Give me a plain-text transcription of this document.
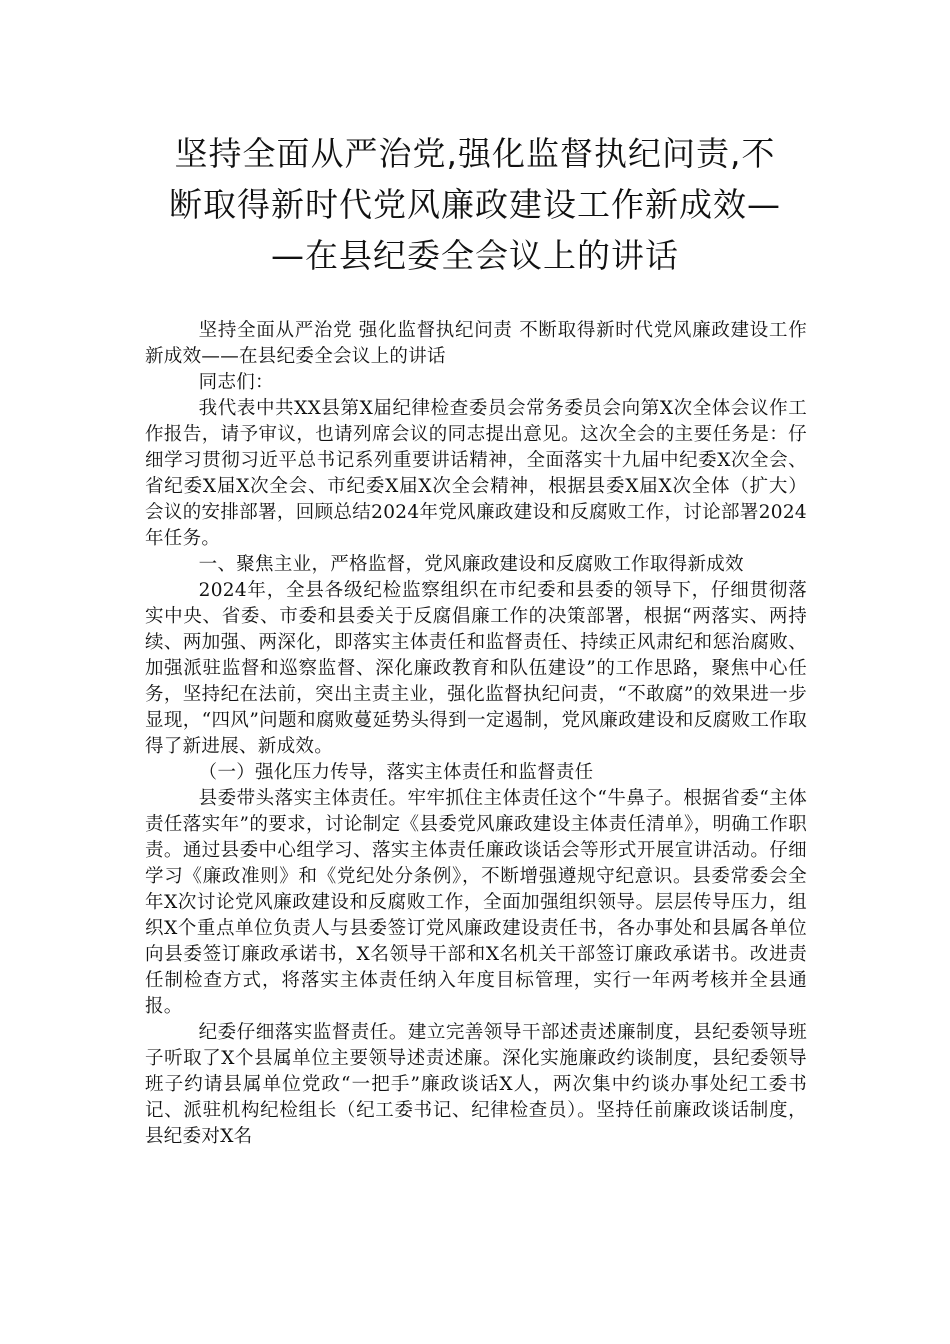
坚持全面从严治党,强化监督执纪问责,不
断取得新时代党风廉政建设工作新成效—
—在县纪委全会议上的讲话

坚持全面从严治党 强化监督执纪问责 不断取得新时代党风廉政建设工作新成效——在县纪委全会议上的讲话

同志们：

我代表中共XX县第X届纪律检查委员会常务委员会向第X次全体会议作工作报告，请予审议，也请列席会议的同志提出意见。这次全会的主要任务是：仔细学习贯彻习近平总书记系列重要讲话精神，全面落实十九届中纪委X次全会、省纪委X届X次全会、市纪委X届X次全会精神，根据县委X届X次全体（扩大）会议的安排部署，回顾总结2024年党风廉政建设和反腐败工作，讨论部署2024年任务。

一、聚焦主业，严格监督，党风廉政建设和反腐败工作取得新成效

2024年，全县各级纪检监察组织在市纪委和县委的领导下，仔细贯彻落实中央、省委、市委和县委关于反腐倡廉工作的决策部署，根据“两落实、两持续、两加强、两深化，即落实主体责任和监督责任、持续正风肃纪和惩治腐败、加强派驻监督和巡察监督、深化廉政教育和队伍建设”的工作思路，聚焦中心任务，坚持纪在法前，突出主责主业，强化监督执纪问责，“不敢腐”的效果进一步显现，“四风”问题和腐败蔓延势头得到一定遏制，党风廉政建设和反腐败工作取得了新进展、新成效。

（一）强化压力传导，落实主体责任和监督责任

县委带头落实主体责任。牢牢抓住主体责任这个“牛鼻子。根据省委“主体责任落实年”的要求，讨论制定《县委党风廉政建设主体责任清单》，明确工作职责。通过县委中心组学习、落实主体责任廉政谈话会等形式开展宣讲活动。仔细学习《廉政准则》和《党纪处分条例》，不断增强遵规守纪意识。县委常委会全年X次讨论党风廉政建设和反腐败工作，全面加强组织领导。层层传导压力，组织X个重点单位负责人与县委签订党风廉政建设责任书，各办事处和县属各单位向县委签订廉政承诺书，X名领导干部和X名机关干部签订廉政承诺书。改进责任制检查方式，将落实主体责任纳入年度目标管理，实行一年两考核并全县通报。

纪委仔细落实监督责任。建立完善领导干部述责述廉制度，县纪委领导班子听取了X个县属单位主要领导述责述廉。深化实施廉政约谈制度，县纪委领导班子约请县属单位党政“一把手”廉政谈话X人，两次集中约谈办事处纪工委书记、派驻机构纪检组长（纪工委书记、纪律检查员）。坚持任前廉政谈话制度，县纪委对X名
